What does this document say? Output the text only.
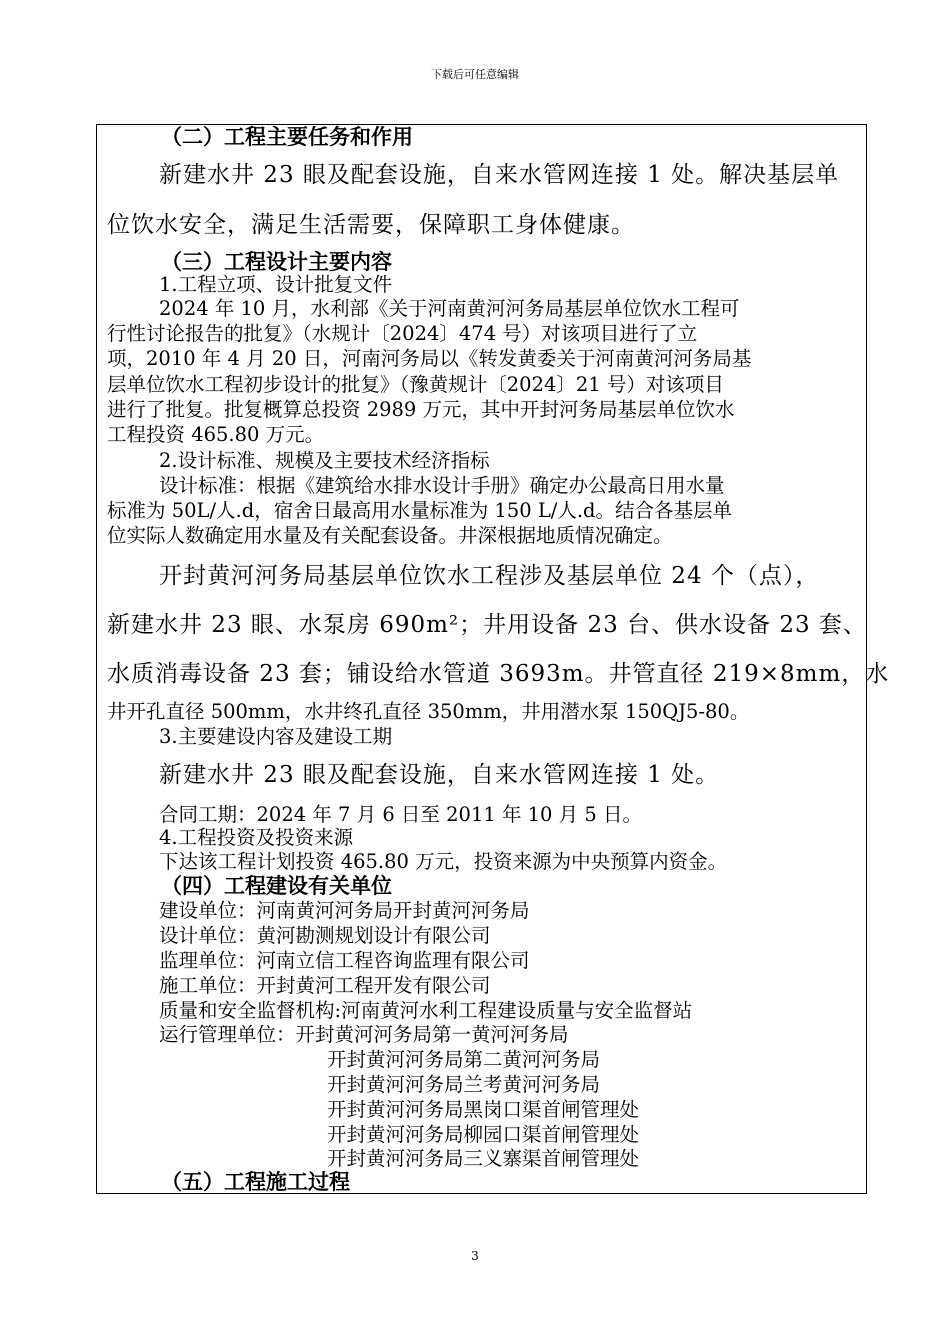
下载后可任意编辑
（二）工程主要任务和作用
新建水井 23 眼及配套设施，自来水管网连接 1 处。解决基层单
位饮水安全，满足生活需要，保障职工身体健康。
（三）工程设计主要内容
1.工程立项、设计批复文件
2024 年 10 月，水利部《关于河南黄河河务局基层单位饮水工程可
行性讨论报告的批复》（水规计〔2024〕474 号）对该项目进行了立
项，2010 年 4 月 20 日，河南河务局以《转发黄委关于河南黄河河务局基
层单位饮水工程初步设计的批复》（豫黄规计〔2024〕21 号）对该项目
进行了批复。批复概算总投资 2989 万元，其中开封河务局基层单位饮水
工程投资 465.80 万元。
2.设计标准、规模及主要技术经济指标
设计标准：根据《建筑给水排水设计手册》确定办公最高日用水量
标准为 50L/人.d，宿舍日最高用水量标准为 150 L/人.d。结合各基层单
位实际人数确定用水量及有关配套设备。井深根据地质情况确定。
开封黄河河务局基层单位饮水工程涉及基层单位 24 个（点），
新建水井 23 眼、水泵房 690m²；井用设备 23 台、供水设备 23 套、
水质消毒设备 23 套；铺设给水管道 3693m。井管直径 219×8mm，水
井开孔直径 500mm，水井终孔直径 350mm，井用潜水泵 150QJ5-80。
3.主要建设内容及建设工期
新建水井 23 眼及配套设施，自来水管网连接 1 处。
合同工期：2024 年 7 月 6 日至 2011 年 10 月 5 日。
4.工程投资及投资来源
下达该工程计划投资 465.80 万元，投资来源为中央预算内资金。
（四）工程建设有关单位
建设单位：河南黄河河务局开封黄河河务局
设计单位：黄河勘测规划设计有限公司
监理单位：河南立信工程咨询监理有限公司
施工单位：开封黄河工程开发有限公司
质量和安全监督机构:河南黄河水利工程建设质量与安全监督站
运行管理单位：开封黄河河务局第一黄河河务局
开封黄河河务局第二黄河河务局
开封黄河河务局兰考黄河河务局
开封黄河河务局黑岗口渠首闸管理处
开封黄河河务局柳园口渠首闸管理处
开封黄河河务局三义寨渠首闸管理处
（五）工程施工过程
3
